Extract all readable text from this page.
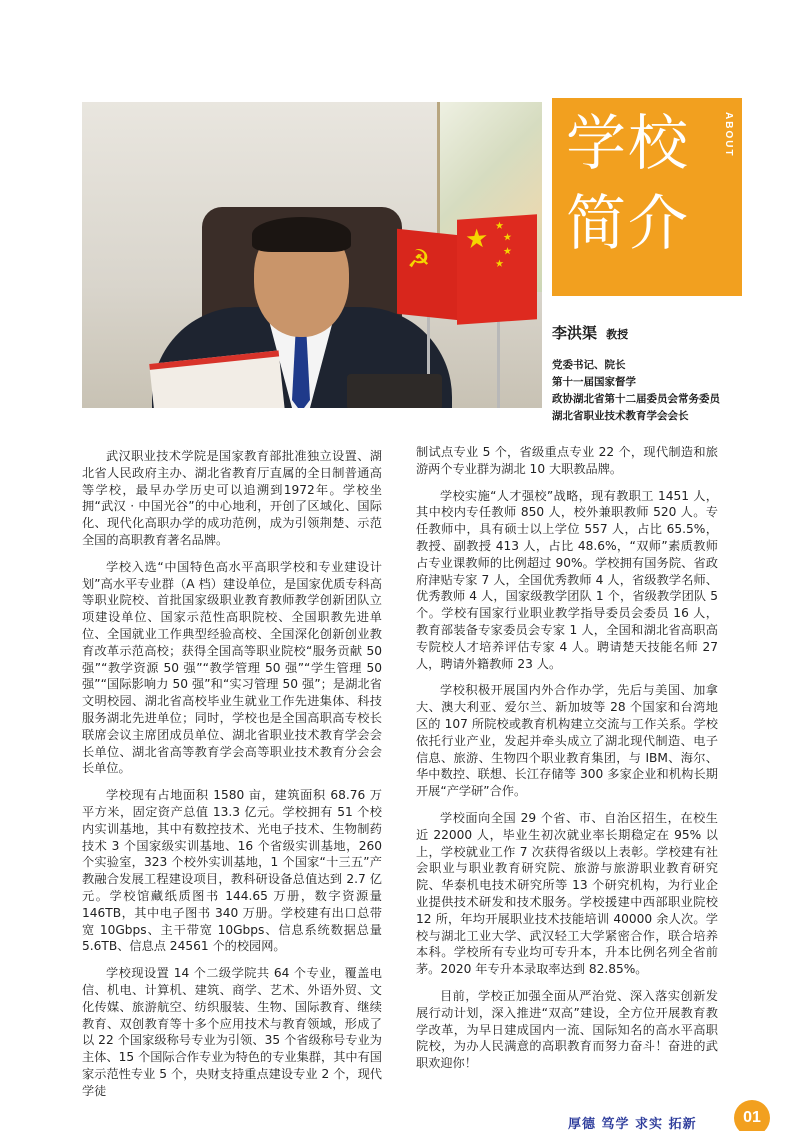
☭
★ ★
★
★
★
学校
简介
ABOUT
李洪渠 教授
党委书记、院长
第十一届国家督学
政协湖北省第十二届委员会常务委员
湖北省职业技术教育学会会长

武汉职业技术学院是国家教育部批准独立设置、湖北省人民政府主办、湖北省教育厅直属的全日制普通高等学校，最早办学历史可以追溯到1972年。学校坐拥“武汉 · 中国光谷”的中心地利，开创了区域化、国际化、现代化高职办学的成功范例，成为引领荆楚、示范全国的高职教育著名品牌。

学校入选“中国特色高水平高职学校和专业建设计划”高水平专业群（A 档）建设单位，是国家优质专科高等职业院校、首批国家级职业教育教师教学创新团队立项建设单位、国家示范性高职院校、全国职教先进单位、全国就业工作典型经验高校、全国深化创新创业教育改革示范高校；获得全国高等职业院校“服务贡献 50 强”“教学资源 50 强”“教学管理 50 强”“学生管理 50 强”“国际影响力 50 强”和“实习管理 50 强”；是湖北省文明校园、湖北省高校毕业生就业工作先进集体、科技服务湖北先进单位；同时，学校也是全国高职高专校长联席会议主席团成员单位、湖北省职业技术教育学会会长单位、湖北省高等教育学会高等职业技术教育分会会长单位。

学校现有占地面积 1580 亩，建筑面积 68.76 万平方米，固定资产总值 13.3 亿元。学校拥有 51 个校内实训基地，其中有数控技术、光电子技术、生物制药技术 3 个国家级实训基地、16 个省级实训基地，260 个实验室，323 个校外实训基地，1 个国家“十三五”产教融合发展工程建设项目，教科研设备总值达到 2.7 亿元。学校馆藏纸质图书 144.65 万册，数字资源量 146TB，其中电子图书 340 万册。学校建有出口总带宽 10Gbps、主干带宽 10Gbps、信息系统数据总量 5.6TB、信息点 24561 个的校园网。

学校现设置 14 个二级学院共 64 个专业，覆盖电信、机电、计算机、建筑、商学、艺术、外语外贸、文化传媒、旅游航空、纺织服装、生物、国际教育、继续教育、双创教育等十多个应用技术与教育领域，形成了以 22 个国家级称号专业为引领、35 个省级称号专业为主体、15 个国际合作专业为特色的专业集群，其中有国家示范性专业 5 个，央财支持重点建设专业 2 个，现代学徒

制试点专业 5 个，省级重点专业 22 个，现代制造和旅游两个专业群为湖北 10 大职教品牌。

学校实施“人才强校”战略，现有教职工 1451 人，其中校内专任教师 850 人，校外兼职教师 520 人。专任教师中，具有硕士以上学位 557 人，占比 65.5%，教授、副教授 413 人，占比 48.6%，“双师”素质教师占专业课教师的比例超过 90%。学校拥有国务院、省政府津贴专家 7 人，全国优秀教师 4 人，省级教学名师、优秀教师 4 人，国家级教学团队 1 个，省级教学团队 5 个。学校有国家行业职业教学指导委员会委员 16 人，教育部装备专家委员会专家 1 人，全国和湖北省高职高专院校人才培养评估专家 4 人。聘请楚天技能名师 27 人，聘请外籍教师 23 人。

学校积极开展国内外合作办学，先后与美国、加拿大、澳大利亚、爱尔兰、新加坡等 28 个国家和台湾地区的 107 所院校或教育机构建立交流与工作关系。学校依托行业产业，发起并牵头成立了湖北现代制造、电子信息、旅游、生物四个职业教育集团，与 IBM、海尔、华中数控、联想、长江存储等 300 多家企业和机构长期开展“产学研”合作。

学校面向全国 29 个省、市、自治区招生，在校生近 22000 人，毕业生初次就业率长期稳定在 95% 以上，学校就业工作 7 次获得省级以上表彰。学校建有社会职业与职业教育研究院、旅游与旅游职业教育研究院、华泰机电技术研究所等 13 个研究机构，为行业企业提供技术研发和技术服务。学校援建中西部职业院校 12 所，年均开展职业技术技能培训 40000 余人次。学校与湖北工业大学、武汉轻工大学紧密合作，联合培养本科。学校所有专业均可专升本，升本比例名列全省前茅。2020 年专升本录取率达到 82.85%。

目前，学校正加强全面从严治党、深入落实创新发展行动计划，深入推进“双高”建设，全方位开展教育教学改革，为早日建成国内一流、国际知名的高水平高职院校，为办人民满意的高职教育而努力奋斗！奋进的武职欢迎你！

厚德 笃学 求实 拓新	01
